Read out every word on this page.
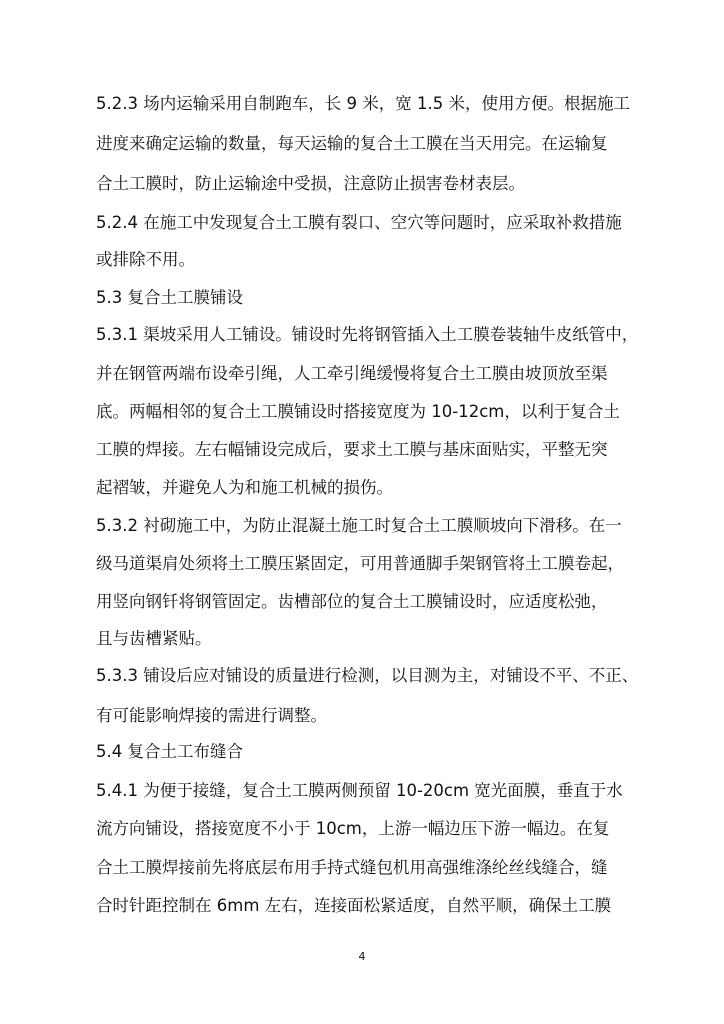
5.2.3 场内运输采用自制跑车，长 9 米，宽 1.5 米，使用方便。根据施工
进度来确定运输的数量，每天运输的复合土工膜在当天用完。在运输复
合土工膜时，防止运输途中受损，注意防止损害卷材表层。
5.2.4 在施工中发现复合土工膜有裂口、空穴等问题时，应采取补救措施
或排除不用。
5.3 复合土工膜铺设
5.3.1 渠坡采用人工铺设。铺设时先将钢管插入土工膜卷装轴牛皮纸管中，
并在钢管两端布设牵引绳，人工牵引绳缓慢将复合土工膜由坡顶放至渠
底。两幅相邻的复合土工膜铺设时搭接宽度为 10-12cm，以利于复合土
工膜的焊接。左右幅铺设完成后，要求土工膜与基床面贴实，平整无突
起褶皱，并避免人为和施工机械的损伤。
5.3.2 衬砌施工中，为防止混凝土施工时复合土工膜顺坡向下滑移。在一
级马道渠肩处须将土工膜压紧固定，可用普通脚手架钢管将土工膜卷起，
用竖向钢钎将钢管固定。齿槽部位的复合土工膜铺设时，应适度松弛，
且与齿槽紧贴。
5.3.3 铺设后应对铺设的质量进行检测，以目测为主，对铺设不平、不正、
有可能影响焊接的需进行调整。
5.4 复合土工布缝合
5.4.1 为便于接缝，复合土工膜两侧预留 10-20cm 宽光面膜，垂直于水
流方向铺设，搭接宽度不小于 10cm，上游一幅边压下游一幅边。在复
合土工膜焊接前先将底层布用手持式缝包机用高强维涤纶丝线缝合，缝
合时针距控制在 6mm 左右，连接面松紧适度，自然平顺，确保土工膜
4
